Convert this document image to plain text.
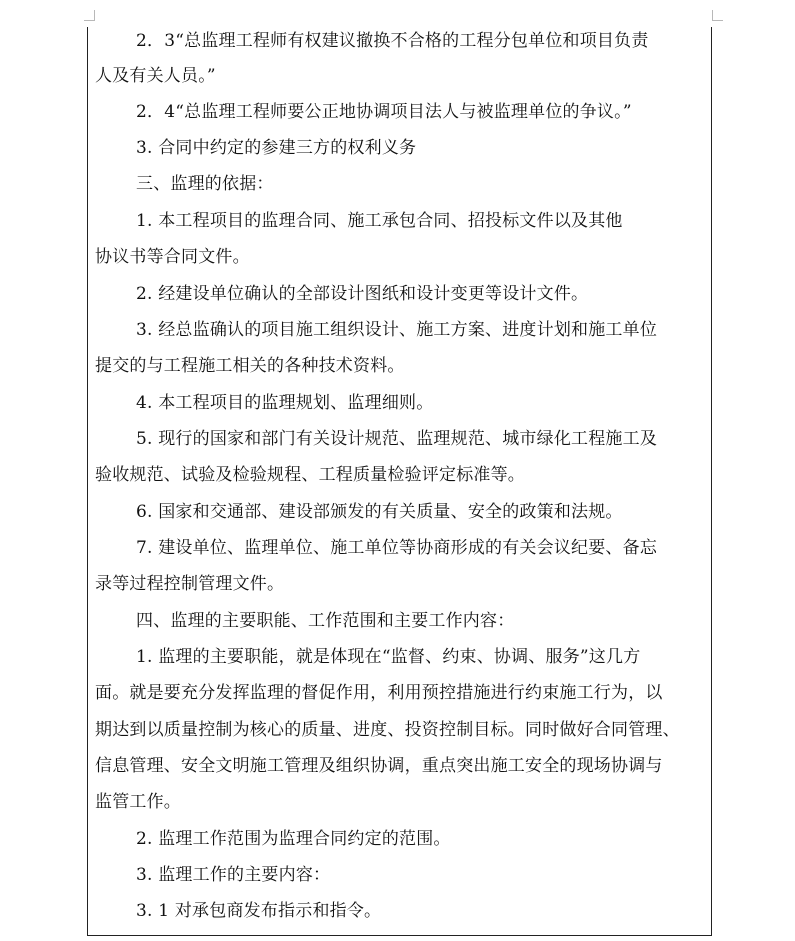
2．3“总监理工程师有权建议撤换不合格的工程分包单位和项目负责
人及有关人员。”
2．4“总监理工程师要公正地协调项目法人与被监理单位的争议。”
3. 合同中约定的参建三方的权利义务
三、监理的依据：
1. 本工程项目的监理合同、施工承包合同、招投标文件以及其他
协议书等合同文件。
2. 经建设单位确认的全部设计图纸和设计变更等设计文件。
3. 经总监确认的项目施工组织设计、施工方案、进度计划和施工单位
提交的与工程施工相关的各种技术资料。
4. 本工程项目的监理规划、监理细则。
5. 现行的国家和部门有关设计规范、监理规范、城市绿化工程施工及
验收规范、试验及检验规程、工程质量检验评定标准等。
6. 国家和交通部、建设部颁发的有关质量、安全的政策和法规。
7. 建设单位、监理单位、施工单位等协商形成的有关会议纪要、备忘
录等过程控制管理文件。
四、监理的主要职能、工作范围和主要工作内容：
1. 监理的主要职能，就是体现在“监督、约束、协调、服务”这几方
面。就是要充分发挥监理的督促作用，利用预控措施进行约束施工行为，以
期达到以质量控制为核心的质量、进度、投资控制目标。同时做好合同管理、
信息管理、安全文明施工管理及组织协调，重点突出施工安全的现场协调与
监管工作。
2. 监理工作范围为监理合同约定的范围。
3. 监理工作的主要内容：
3. 1 对承包商发布指示和指令。
